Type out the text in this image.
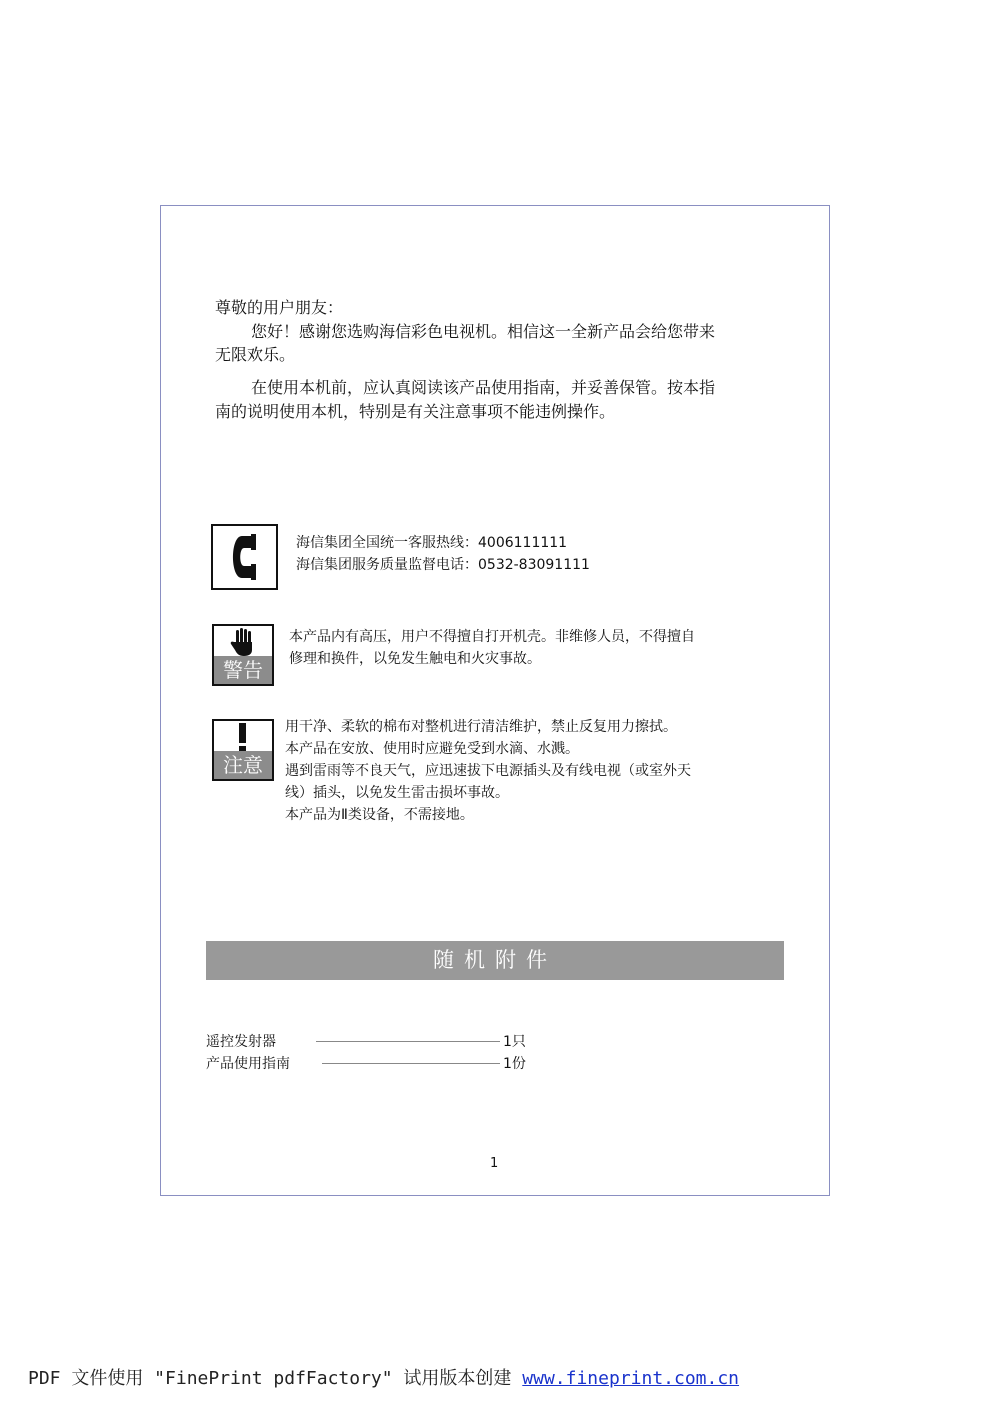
尊敬的用户朋友：
您好！感谢您选购海信彩色电视机。相信这一全新产品会给您带来
无限欢乐。
在使用本机前，应认真阅读该产品使用指南，并妥善保管。按本指
南的说明使用本机，特别是有关注意事项不能违例操作。
海信集团全国统一客服热线：4006111111
海信集团服务质量监督电话：0532-83091111
警告
本产品内有高压，用户不得擅自打开机壳。非维修人员，不得擅自
修理和换件，以免发生触电和火灾事故。
注意
用干净、柔软的棉布对整机进行清洁维护，禁止反复用力擦拭。
本产品在安放、使用时应避免受到水滴、水溅。
遇到雷雨等不良天气，应迅速拔下电源插头及有线电视（或室外天
线）插头，以免发生雷击损坏事故。
本产品为Ⅱ类设备，不需接地。
随机附件
遥控发射器	1只
产品使用指南	1份
1
PDF 文件使用 "FinePrint pdfFactory" 试用版本创建 www.fineprint.com.cn
